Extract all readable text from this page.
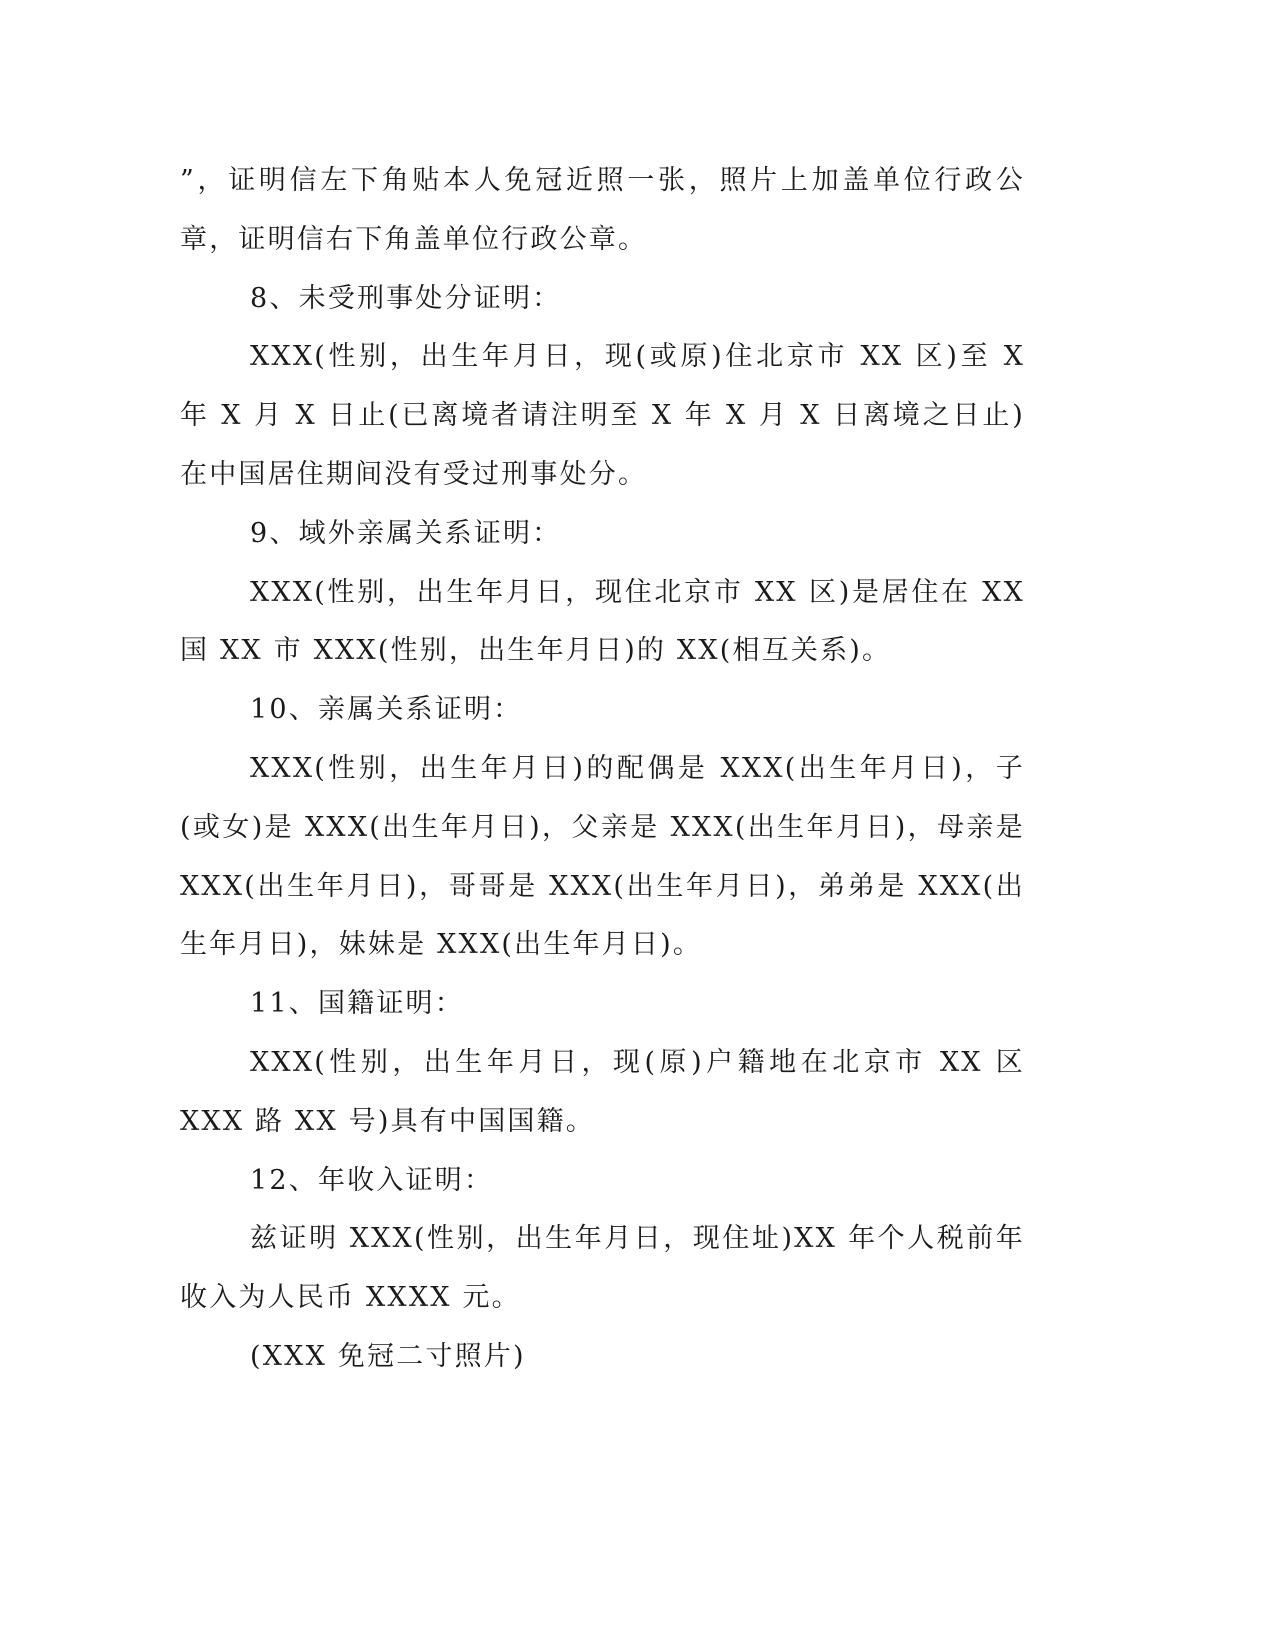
”，证明信左下角贴本人免冠近照一张，照片上加盖单位行政公章，证明信右下角盖单位行政公章。

8、未受刑事处分证明：

XXX(性别，出生年月日，现(或原)住北京市 XX 区)至 X 年 X 月 X 日止(已离境者请注明至 X 年 X 月 X 日离境之日止)在中国居住期间没有受过刑事处分。

9、域外亲属关系证明：

XXX(性别，出生年月日，现住北京市 XX 区)是居住在 XX 国 XX 市 XXX(性别，出生年月日)的 XX(相互关系)。

10、亲属关系证明：

XXX(性别，出生年月日)的配偶是 XXX(出生年月日)，子(或女)是 XXX(出生年月日)，父亲是 XXX(出生年月日)，母亲是 XXX(出生年月日)，哥哥是 XXX(出生年月日)，弟弟是 XXX(出生年月日)，妹妹是 XXX(出生年月日)。

11、国籍证明：

XXX(性别，出生年月日，现(原)户籍地在北京市 XX 区 XXX 路 XX 号)具有中国国籍。

12、年收入证明：

兹证明 XXX(性别，出生年月日，现住址)XX 年个人税前年收入为人民币 XXXX 元。

(XXX 免冠二寸照片)
